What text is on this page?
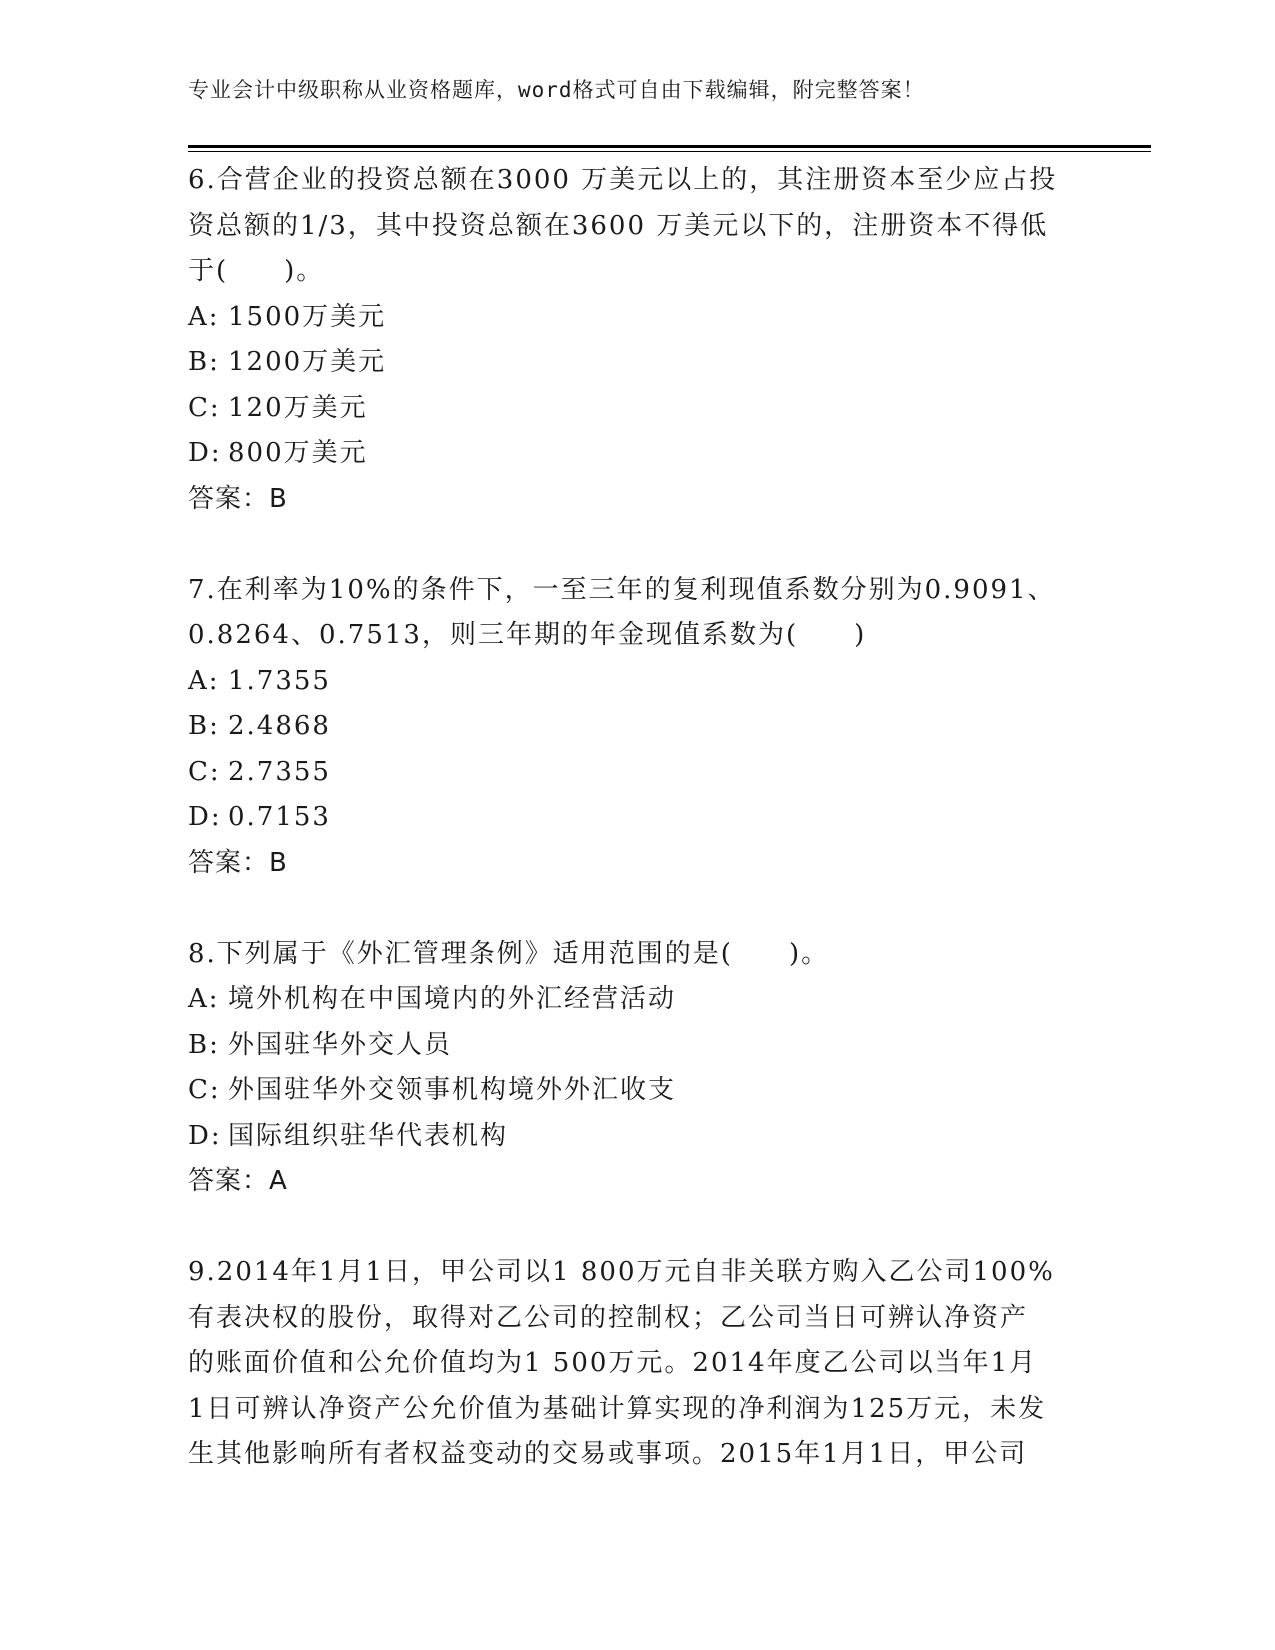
专业会计中级职称从业资格题库，word格式可自由下载编辑，附完整答案！
6.合营企业的投资总额在3000 万美元以上的，其注册资本至少应占投
资总额的1/3，其中投资总额在3600 万美元以下的，注册资本不得低
于(　　)。
A: 1500万美元
B: 1200万美元
C: 120万美元
D: 800万美元
答案：B
7.在利率为10%的条件下，一至三年的复利现值系数分别为0.9091、
0.8264、0.7513，则三年期的年金现值系数为(　　)
A: 1.7355
B: 2.4868
C: 2.7355
D: 0.7153
答案：B
8.下列属于《外汇管理条例》适用范围的是(　　)。
A: 境外机构在中国境内的外汇经营活动
B: 外国驻华外交人员
C: 外国驻华外交领事机构境外外汇收支
D: 国际组织驻华代表机构
答案：A
9.2014年1月1日，甲公司以1 800万元自非关联方购入乙公司100%
有表决权的股份，取得对乙公司的控制权；乙公司当日可辨认净资产
的账面价值和公允价值均为1 500万元。2014年度乙公司以当年1月
1日可辨认净资产公允价值为基础计算实现的净利润为125万元，未发
生其他影响所有者权益变动的交易或事项。2015年1月1日，甲公司
